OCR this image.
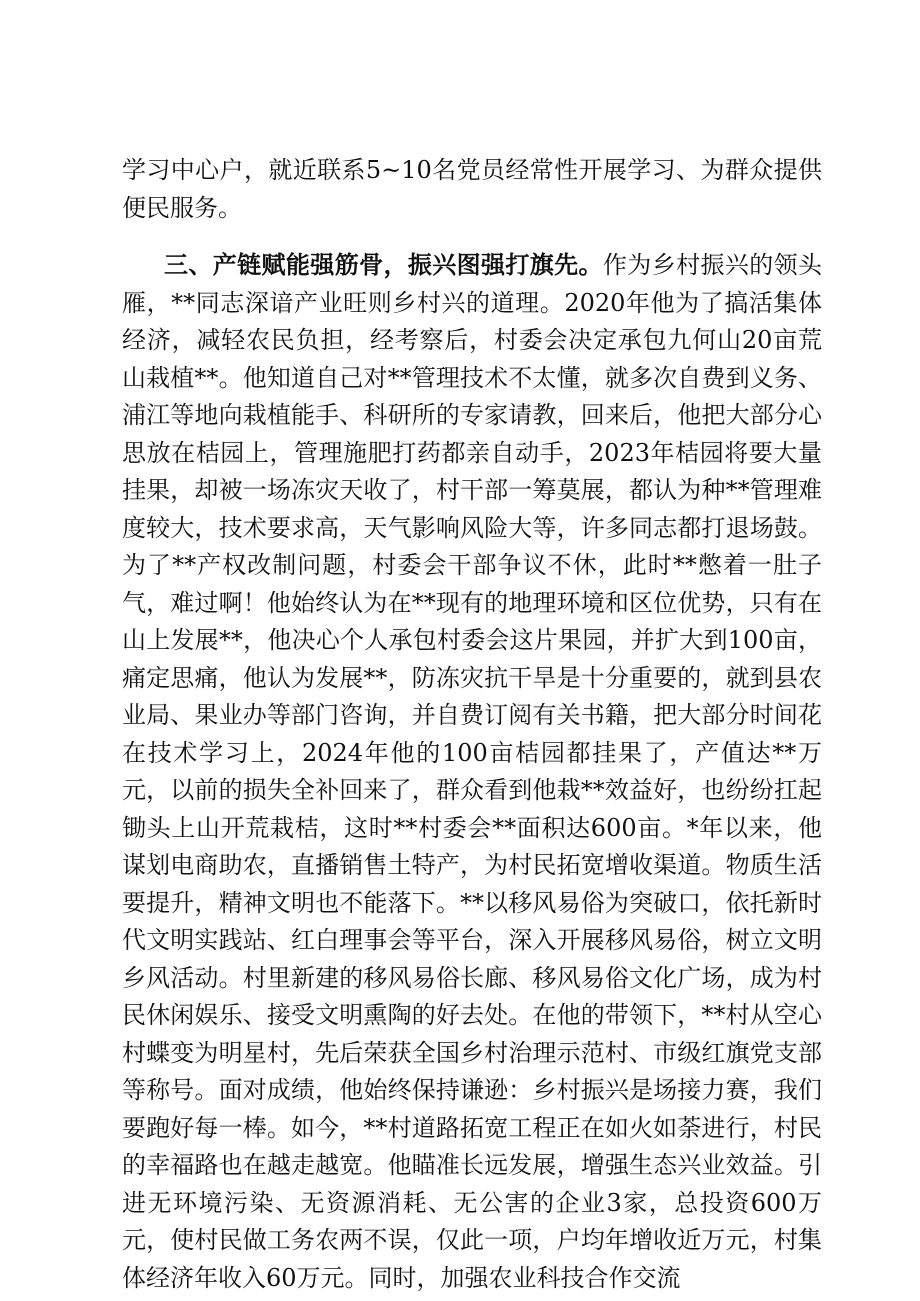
学习中心户，就近联系5~10名党员经常性开展学习、为群众提供便民服务。

三、产链赋能强筋骨，振兴图强打旗先。作为乡村振兴的领头雁，**同志深谙产业旺则乡村兴的道理。2020年他为了搞活集体经济，减轻农民负担，经考察后，村委会决定承包九何山20亩荒山栽植**。他知道自己对**管理技术不太懂，就多次自费到义务、浦江等地向栽植能手、科研所的专家请教，回来后，他把大部分心思放在桔园上，管理施肥打药都亲自动手，2023年桔园将要大量挂果，却被一场冻灾天收了，村干部一筹莫展，都认为种**管理难度较大，技术要求高，天气影响风险大等，许多同志都打退场鼓。为了**产权改制问题，村委会干部争议不休，此时**憋着一肚子气，难过啊！他始终认为在**现有的地理环境和区位优势，只有在山上发展**，他决心个人承包村委会这片果园，并扩大到100亩，痛定思痛，他认为发展**，防冻灾抗干旱是十分重要的，就到县农业局、果业办等部门咨询，并自费订阅有关书籍，把大部分时间花在技术学习上，2024年他的100亩桔园都挂果了，产值达**万元，以前的损失全补回来了，群众看到他栽**效益好，也纷纷扛起锄头上山开荒栽桔，这时**村委会**面积达600亩。*年以来，他谋划电商助农，直播销售土特产，为村民拓宽增收渠道。物质生活要提升，精神文明也不能落下。**以移风易俗为突破口，依托新时代文明实践站、红白理事会等平台，深入开展移风易俗，树立文明乡风活动。村里新建的移风易俗长廊、移风易俗文化广场，成为村民休闲娱乐、接受文明熏陶的好去处。在他的带领下，**村从空心村蝶变为明星村，先后荣获全国乡村治理示范村、市级红旗党支部等称号。面对成绩，他始终保持谦逊：乡村振兴是场接力赛，我们要跑好每一棒。如今，**村道路拓宽工程正在如火如荼进行，村民的幸福路也在越走越宽。他瞄准长远发展，增强生态兴业效益。引进无环境污染、无资源消耗、无公害的企业3家，总投资600万元，使村民做工务农两不误，仅此一项，户均年增收近万元，村集体经济年收入60万元。同时，加强农业科技合作交流
